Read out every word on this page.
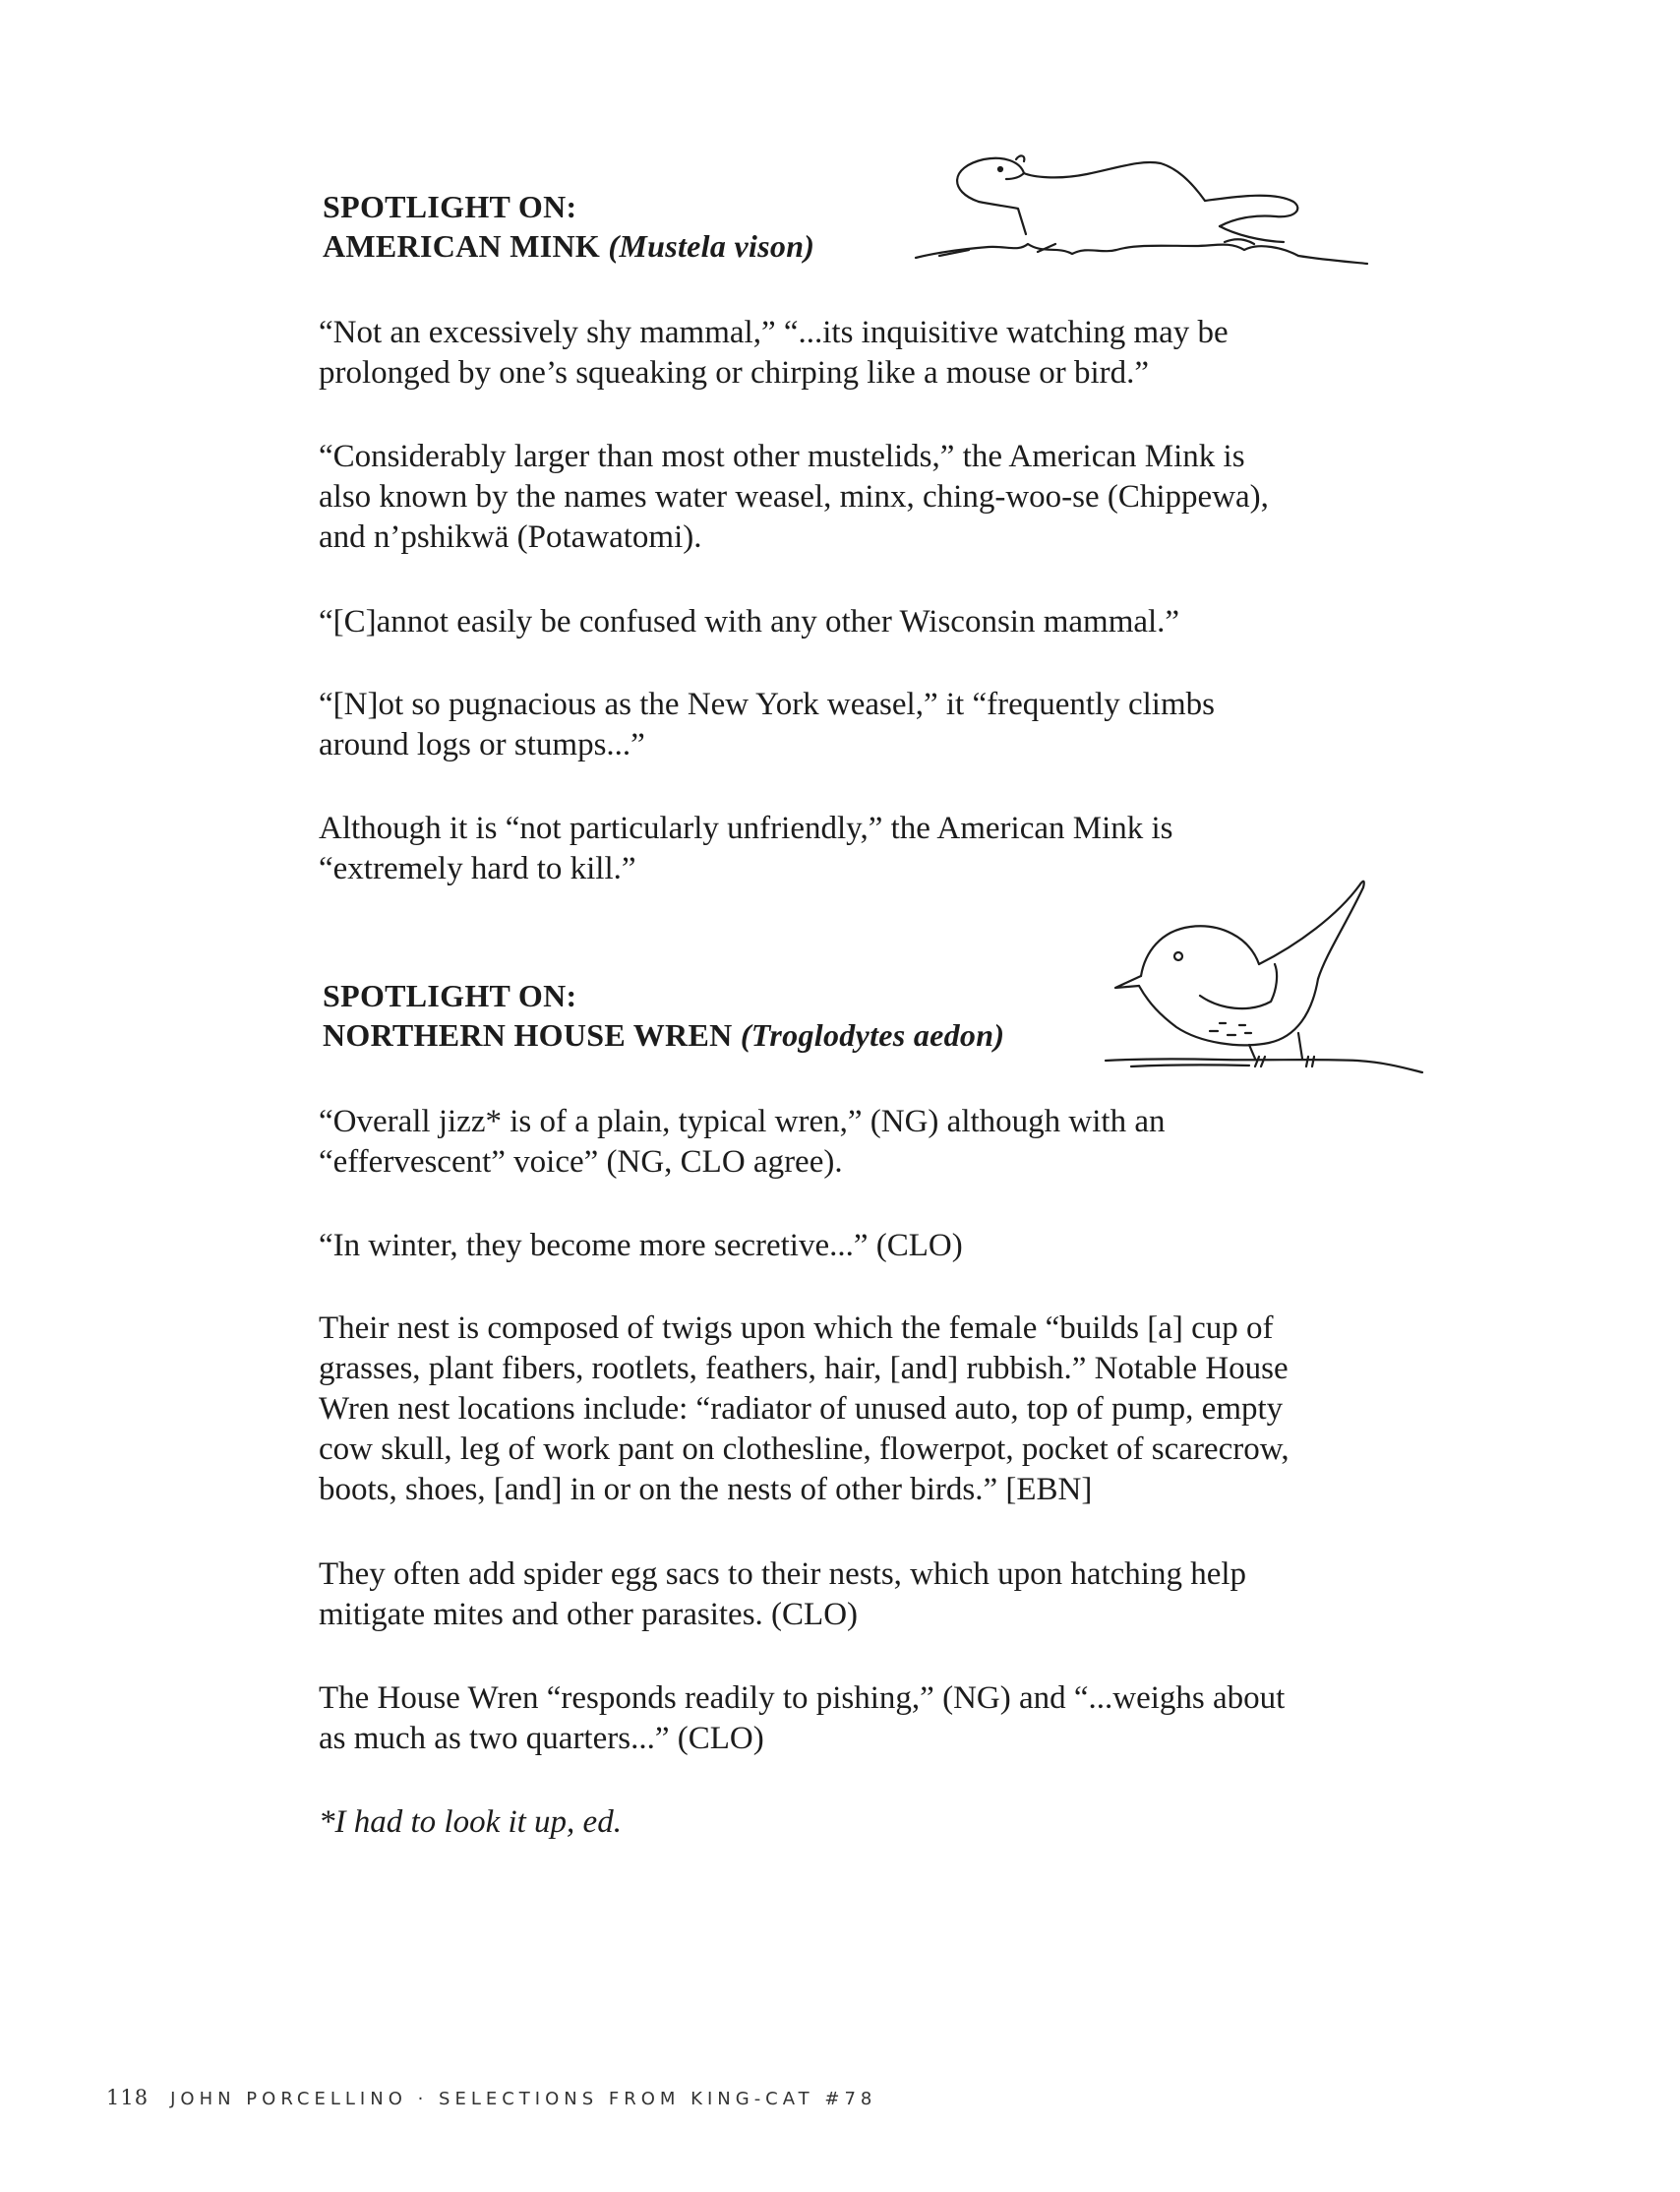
SPOTLIGHT ON:
AMERICAN MINK (Mustela vison)
“Not an excessively shy mammal,” “...its inquisitive watching may be
prolonged by one’s squeaking or chirping like a mouse or bird.”
“Considerably larger than most other mustelids,” the American Mink is
also known by the names water weasel, minx, ching-woo-se (Chippewa),
and n’pshikwä (Potawatomi).
“[C]annot easily be confused with any other Wisconsin mammal.”
“[N]ot so pugnacious as the New York weasel,” it “frequently climbs
around logs or stumps...”
Although it is “not particularly unfriendly,” the American Mink is
“extremely hard to kill.”
SPOTLIGHT ON:
NORTHERN HOUSE WREN (Troglodytes aedon)
“Overall jizz* is of a plain, typical wren,” (NG) although with an
“effervescent” voice” (NG, CLO agree).
“In winter, they become more secretive...” (CLO)
Their nest is composed of twigs upon which the female “builds [a] cup of
grasses, plant fibers, rootlets, feathers, hair, [and] rubbish.” Notable House
Wren nest locations include: “radiator of unused auto, top of pump, empty
cow skull, leg of work pant on clothesline, flowerpot, pocket of scarecrow,
boots, shoes, [and] in or on the nests of other birds.” [EBN]
They often add spider egg sacs to their nests, which upon hatching help
mitigate mites and other parasites. (CLO)
The House Wren “responds readily to pishing,” (NG) and “...weighs about
as much as two quarters...” (CLO)

*I had to look it up, ed.

118 JOHN PORCELLINO · SELECTIONS FROM KING-CAT #78
